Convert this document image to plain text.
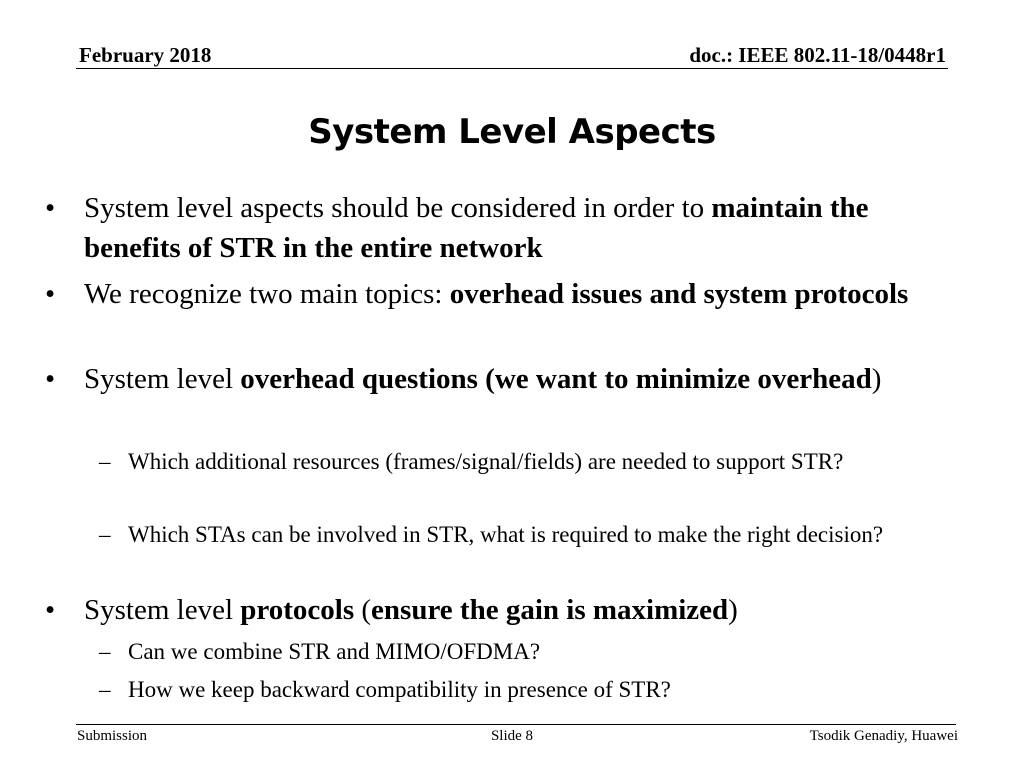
February 2018	doc.: IEEE 802.11-18/0448r1
System Level Aspects
• System level aspects should be considered in order to maintain the benefits of STR in the entire network
• We recognize two main topics: overhead issues and system protocols
• System level overhead questions (we want to minimize overhead)
– Which additional resources (frames/signal/fields) are needed to support STR?
– Which STAs can be involved in STR, what is required to make the right decision?
• System level protocols (ensure the gain is maximized)
– Can we combine STR and MIMO/OFDMA?
– How we keep backward compatibility in presence of STR?
Submission	Slide 8	Tsodik Genadiy, Huawei
